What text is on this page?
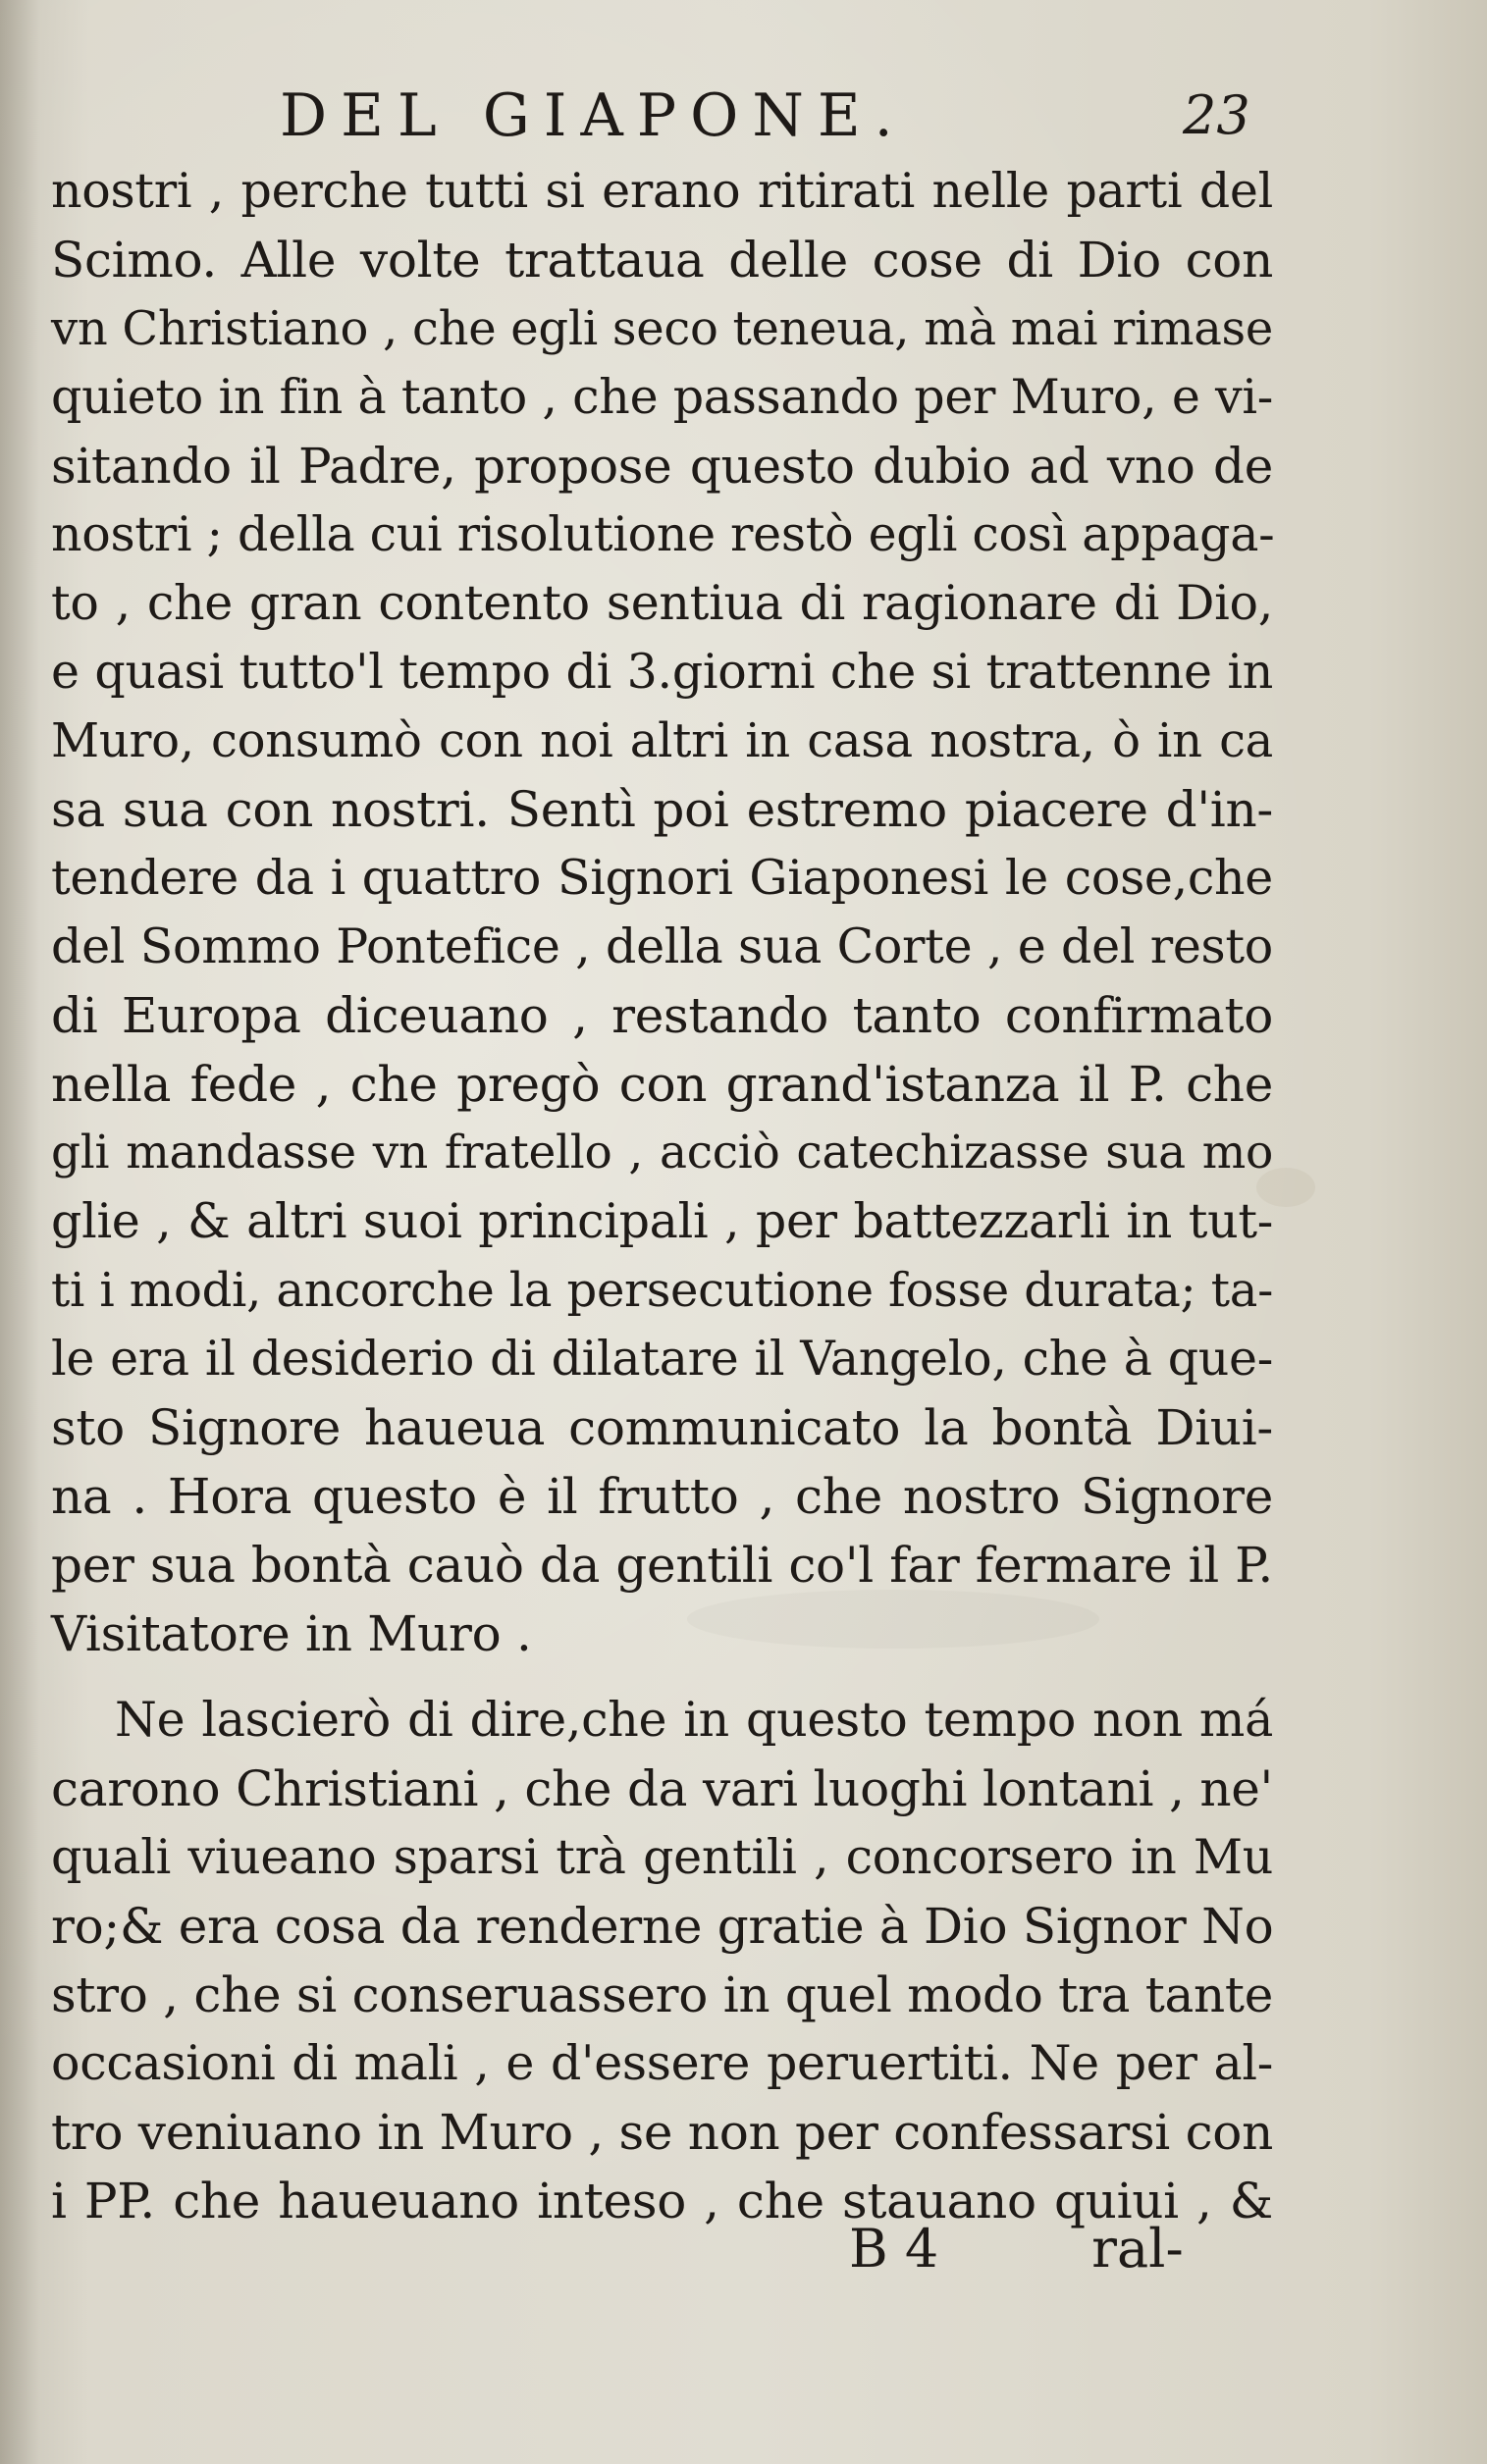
DEL GIAPONE.	23
nostri , perche tutti si erano ritirati nelle parti del
Scimo. Alle volte trattaua delle cose di Dio con
vn Christiano , che egli seco teneua, mà mai rimase
quieto in fin à tanto , che passando per Muro, e vi-
sitando il Padre, propose questo dubio ad vno de
nostri ; della cui risolutione restò egli così appaga-
to , che gran contento sentiua di ragionare di Dio,
e quasi tutto'l tempo di 3.giorni che si trattenne in
Muro, consumò con noi altri in casa nostra, ò in ca
sa sua con nostri. Sentì poi estremo piacere d'in-
tendere da i quattro Signori Giaponesi le cose,che
del Sommo Pontefice , della sua Corte , e del resto
di Europa diceuano , restando tanto confirmato
nella fede , che pregò con grand'istanza il P. che
gli mandasse vn fratello , acciò catechizasse sua mo
glie , & altri suoi principali , per battezzarli in tut-
ti i modi, ancorche la persecutione fosse durata; ta-
le era il desiderio di dilatare il Vangelo, che à que-
sto Signore haueua communicato la bontà Diui-
na . Hora questo è il frutto , che nostro Signore
per sua bontà cauò da gentili co'l far fermare il P.
Visitatore in Muro .
Ne lascierò di dire,che in questo tempo non má
carono Christiani , che da vari luoghi lontani , ne'
quali viueano sparsi trà gentili , concorsero in Mu
ro;& era cosa da renderne gratie à Dio Signor No
stro , che si conseruassero in quel modo tra tante
occasioni di mali , e d'essere peruertiti. Ne per al-
tro veniuano in Muro , se non per confessarsi con
i PP. che haueuano inteso , che stauano quiui , &
B 4	ral-
